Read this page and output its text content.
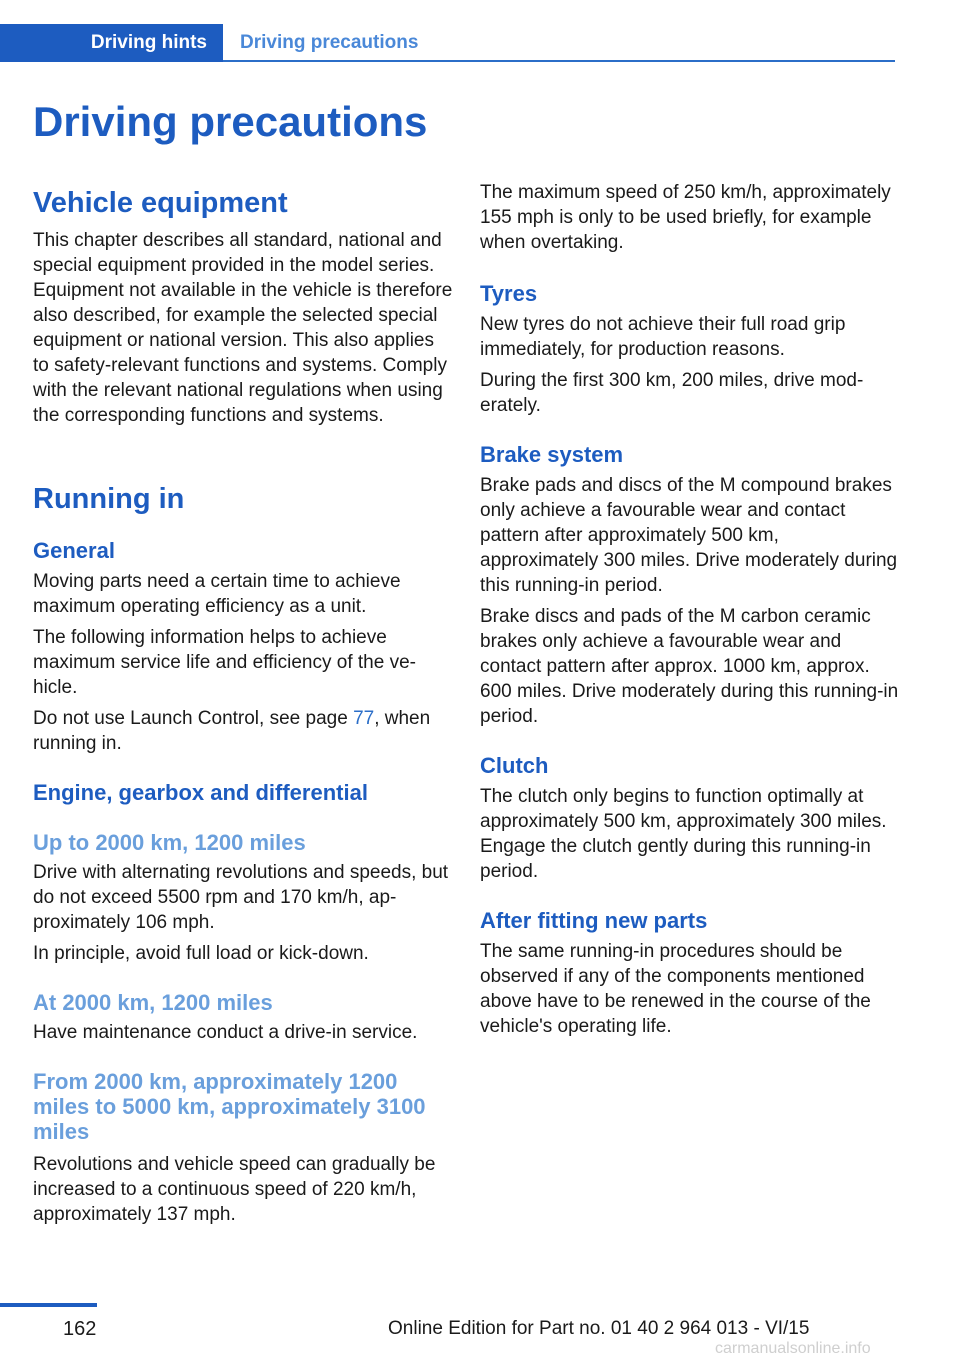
Driving hints Driving precautions
Driving precautions
Vehicle equipment

This chapter describes all standard, national and special equipment provided in the model series. Equipment not available in the vehicle is therefore also described, for example the selected special equipment or national version. This also applies to safety-relevant functions and systems. Comply with the relevant national regulations when using the corresponding functions and systems.

Running in
General

Moving parts need a certain time to achieve maximum operating efficiency as a unit.

The following information helps to achieve maximum service life and efficiency of the vehicle.

Do not use Launch Control, see page 77, when running in.

Engine, gearbox and differential
Up to 2000 km, 1200 miles

Drive with alternating revolutions and speeds, but do not exceed 5500 rpm and 170 km/h, approximately 106 mph.

In principle, avoid full load or kick-down.

At 2000 km, 1200 miles

Have maintenance conduct a drive-in service.

From 2000 km, approximately 1200 miles to 5000 km, approximately 3100 miles

Revolutions and vehicle speed can gradually be increased to a continuous speed of 220 km/h, approximately 137 mph.

The maximum speed of 250 km/h, approximately 155 mph is only to be used briefly, for example when overtaking.

Tyres

New tyres do not achieve their full road grip immediately, for production reasons.

During the first 300 km, 200 miles, drive moderately.

Brake system

Brake pads and discs of the M compound brakes only achieve a favourable wear and contact pattern after approximately 500 km, approximately 300 miles. Drive moderately during this running-in period.

Brake discs and pads of the M carbon ceramic brakes only achieve a favourable wear and contact pattern after approx. 1000 km, approx. 600 miles. Drive moderately during this running-in period.

Clutch

The clutch only begins to function optimally at approximately 500 km, approximately 300 miles. Engage the clutch gently during this running-in period.

After fitting new parts

The same running-in procedures should be observed if any of the components mentioned above have to be renewed in the course of the vehicle's operating life.

162	Online Edition for Part no. 01 40 2 964 013 - VI/15
carmanualsonline.info
